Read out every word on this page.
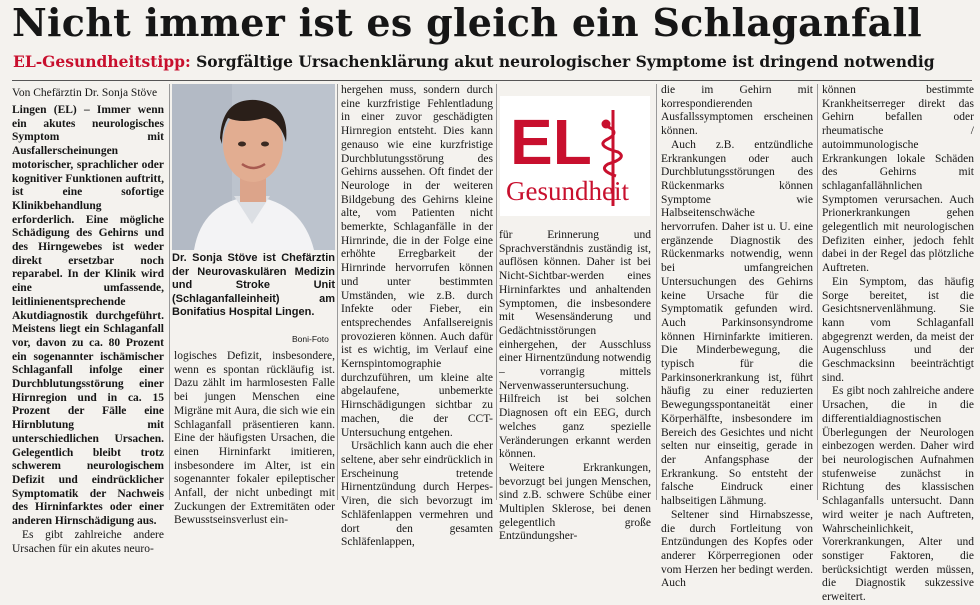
Nicht immer ist es gleich ein Schlaganfall
EL-Gesundheitstipp: Sorgfältige Ursachenklärung akut neurologischer Symptome ist dringend notwendig
Von Chefärztin Dr. Sonja Stöve

Lingen (EL) – Immer wenn ein akutes neurologisches Symptom mit Ausfallerscheinungen motorischer, sprachlicher oder kognitiver Funktionen auftritt, ist eine sofortige Klinikbehandlung erforderlich. Eine mögliche Schädigung des Gehirns und des Hirngewebes ist weder direkt ersetzbar noch reparabel. In der Klinik wird eine umfassende, leitlinienentsprechende Akutdiagnostik durchgeführt. Meistens liegt ein Schlaganfall vor, davon zu ca. 80 Prozent ein sogenannter ischämischer Schlaganfall infolge einer Durchblutungsstörung einer Hirnregion und in ca. 15 Prozent der Fälle eine Hirnblutung mit unterschiedlichen Ursachen. Gelegentlich bleibt trotz schwerem neurologischem Defizit und eindrücklicher Symptomatik der Nachweis des Hirninfarktes oder einer anderen Hirnschädigung aus.

Es gibt zahlreiche andere Ursachen für ein akutes neuro-

Dr. Sonja Stöve ist Chefärztin der Neurovaskulären Medizin und Stroke Unit (Schlaganfalleinheit) am Bonifatius Hospital Lingen.
Boni-Foto

logisches Defizit, insbesondere, wenn es spontan rückläufig ist. Dazu zählt im harmlosesten Falle bei jungen Menschen eine Migräne mit Aura, die sich wie ein Schlaganfall präsentieren kann. Eine der häufigsten Ursachen, die einen Hirninfarkt imitieren, insbesondere im Alter, ist ein sogenannter fokaler epileptischer Anfall, der nicht unbedingt mit Zuckungen der Extremitäten oder Bewusstseinsverlust ein-

hergehen muss, sondern durch eine kurzfristige Fehlentladung in einer zuvor geschädigten Hirnregion entsteht. Dies kann genauso wie eine kurzfristige Durchblutungsstörung des Gehirns aussehen. Oft findet der Neurologe in der weiteren Bildgebung des Gehirns kleine alte, vom Patienten nicht bemerkte, Schlaganfälle in der Hirnrinde, die in der Folge eine erhöhte Erregbarkeit der Hirnrinde hervorrufen können und unter bestimmten Umständen, wie z.B. durch Infekte oder Fieber, ein entsprechendes Anfallsereignis provozieren können. Auch dafür ist es wichtig, im Verlauf eine Kernspintomographie durchzuführen, um kleine alte abgelaufene, unbemerkte Hirnschädigungen sichtbar zu machen, die der CCT-Untersuchung entgehen.

Ursächlich kann auch die eher seltene, aber sehr eindrücklich in Erscheinung tretende Hirnentzündung durch Herpes-Viren, die sich bevorzugt im Schläfenlappen vermehren und dort den gesamten Schläfenlappen,

EL
Gesundheit

für Erinnerung und Sprachverständnis zuständig ist, auflösen können. Daher ist bei Nicht-Sichtbar-werden eines Hirninfarktes und anhaltenden Symptomen, die insbesondere mit Wesensänderung und Gedächtnisstörungen einhergehen, der Ausschluss einer Hirnentzündung notwendig – vorrangig mittels Nervenwasseruntersuchung. Hilfreich ist bei solchen Diagnosen oft ein EEG, durch welches ganz spezielle Veränderungen erkannt werden können.

Weitere Erkrankungen, bevorzugt bei jungen Menschen, sind z.B. schwere Schübe einer Multiplen Sklerose, bei denen gelegentlich große Entzündungsher-

die im Gehirn mit korrespondierenden Ausfallssymptomen erscheinen können.

Auch z.B. entzündliche Erkrankungen oder auch Durchblutungsstörungen des Rückenmarks können Symptome wie Halbseitenschwäche hervorrufen. Daher ist u. U. eine ergänzende Diagnostik des Rückenmarks notwendig, wenn bei umfangreichen Untersuchungen des Gehirns keine Ursache für die Symptomatik gefunden wird. Auch Parkinsonsyndrome können Hirninfarkte imitieren. Die Minderbewegung, die typisch für die Parkinsonerkrankung ist, führt häufig zu einer reduzierten Bewegungsspontaneität einer Körperhälfte, insbesondere im Bereich des Gesichtes und nicht selten nur einseitig, gerade in der Anfangsphase der Erkrankung. So entsteht der falsche Eindruck einer halbseitigen Lähmung.

Seltener sind Hirnabszesse, die durch Fortleitung von Entzündungen des Kopfes oder anderer Körperregionen oder vom Herzen her bedingt werden. Auch

können bestimmte Krankheitserreger direkt das Gehirn befallen oder rheumatische / autoimmunologische Erkrankungen lokale Schäden des Gehirns mit schlaganfallähnlichen Symptomen verursachen. Auch Prionerkrankungen gehen gelegentlich mit neurologischen Defiziten einher, jedoch fehlt dabei in der Regel das plötzliche Auftreten.

Ein Symptom, das häufig Sorge bereitet, ist die Gesichtsnervenlähmung. Sie kann vom Schlaganfall abgegrenzt werden, da meist der Augenschluss und der Geschmacksinn beeinträchtigt sind.

Es gibt noch zahlreiche andere Ursachen, die in die differentialdiagnostischen Überlegungen der Neurologen einbezogen werden. Daher wird bei neurologischen Aufnahmen stufenweise zunächst in Richtung des klassischen Schlaganfalls untersucht. Dann wird weiter je nach Auftreten, Wahrscheinlichkeit, Vorerkrankungen, Alter und sonstiger Faktoren, die berücksichtigt werden müssen, die Diagnostik sukzessive erweitert.
